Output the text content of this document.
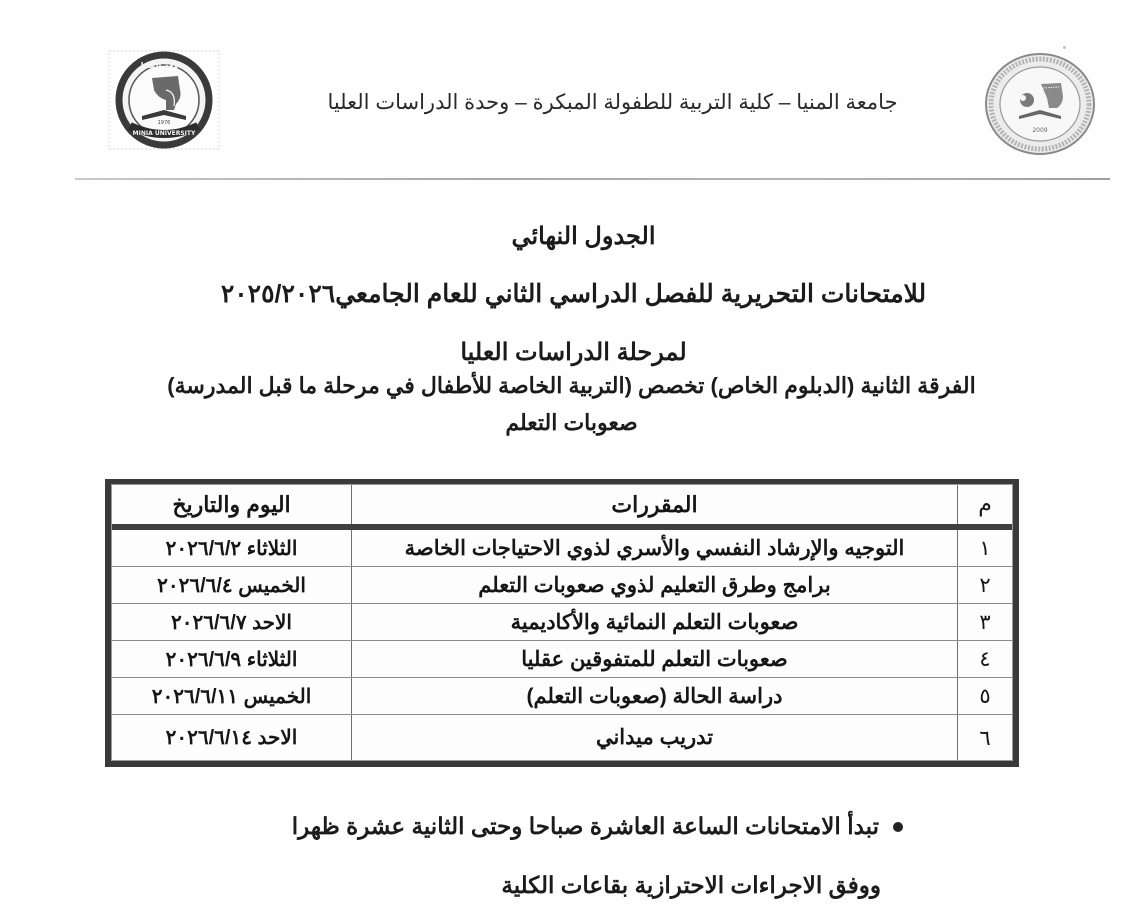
MINIA UNIVERSITY
1976
جامعة المنيا
جامعة المنيا – كلية التربية للطفولة المبكرة – وحدة الدراسات العليا
2009
الجدول النهائي
للامتحانات التحريرية للفصل الدراسي الثاني للعام الجامعي٢٠٢٥/٢٠٢٦
لمرحلة الدراسات العليا
الفرقة الثانية (الدبلوم الخاص) تخصص (التربية الخاصة للأطفال في مرحلة ما قبل المدرسة)
صعوبات التعلم
م
المقررات
اليوم والتاريخ
١
التوجيه والإرشاد النفسي والأسري لذوي الاحتياجات الخاصة
الثلاثاء ٢٠٢٦/٦/٢
٢
برامج وطرق التعليم لذوي صعوبات التعلم
الخميس ٢٠٢٦/٦/٤
٣
صعوبات التعلم النمائية والأكاديمية
الاحد ٢٠٢٦/٦/٧
٤
صعوبات التعلم للمتفوقين عقليا
الثلاثاء ٢٠٢٦/٦/٩
٥
دراسة الحالة (صعوبات التعلم)
الخميس ٢٠٢٦/٦/١١
٦
تدريب ميداني
الاحد ٢٠٢٦/٦/١٤
تبدأ الامتحانات الساعة العاشرة صباحا وحتى الثانية عشرة ظهرا
ووفق الاجراءات الاحترازية بقاعات الكلية
